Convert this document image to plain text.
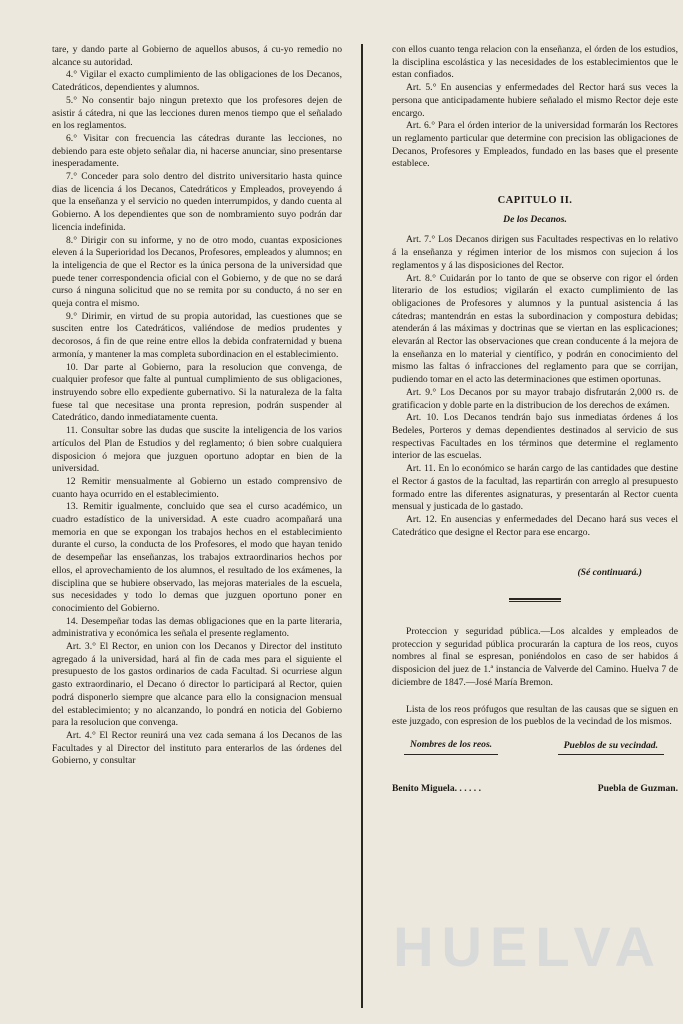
tare, y dando parte al Gobierno de aquellos abusos, á cu-yo remedio no alcance su autoridad.

4.° Vigilar el exacto cumplimiento de las obligaciones de los Decanos, Catedráticos, dependientes y alumnos.

5.° No consentir bajo ningun pretexto que los profesores dejen de asistir á cátedra, ni que las lecciones duren menos tiempo que el señalado en los reglamentos.

6.° Visitar con frecuencia las cátedras durante las lecciones, no debiendo para este objeto señalar dia, ni hacerse anunciar, sino presentarse inesperadamente.

7.° Conceder para solo dentro del distrito universitario hasta quince dias de licencia á los Decanos, Catedráticos y Empleados, proveyendo á que la enseñanza y el servicio no queden interrumpidos, y dando cuenta al Gobierno. A los dependientes que son de nombramiento suyo podrán dar licencia indefinida.

8.° Dirigir con su informe, y no de otro modo, cuantas exposiciones eleven á la Superioridad los Decanos, Profesores, empleados y alumnos; en la inteligencia de que el Rector es la única persona de la universidad que puede tener correspondencia oficial con el Gobierno, y de que no se dará curso á ninguna solicitud que no se remita por su conducto, á no ser en queja contra el mismo.

9.° Dirimir, en virtud de su propia autoridad, las cuestiones que se susciten entre los Catedráticos, valiéndose de medios prudentes y decorosos, á fin de que reine entre ellos la debida confraternidad y buena armonía, y mantener la mas completa subordinacion en el establecimiento.

10. Dar parte al Gobierno, para la resolucion que convenga, de cualquier profesor que falte al puntual cumplimiento de sus obligaciones, instruyendo sobre ello expediente gubernativo. Si la naturaleza de la falta fuese tal que necesitase una pronta represion, podrán suspender al Catedrático, dando inmediatamente cuenta.

11. Consultar sobre las dudas que suscite la inteligencia de los varios artículos del Plan de Estudios y del reglamento; ó bien sobre cualquiera disposicion ó mejora que juzguen oportuno adoptar en bien de la universidad.

12 Remitir mensualmente al Gobierno un estado comprensivo de cuanto haya ocurrido en el establecimiento.

13. Remitir igualmente, concluido que sea el curso académico, un cuadro estadístico de la universidad. A este cuadro acompañará una memoria en que se expongan los trabajos hechos en el establecimiento durante el curso, la conducta de los Profesores, el modo que hayan tenido de desempeñar las enseñanzas, los trabajos extraordinarios hechos por ellos, el aprovechamiento de los alumnos, el resultado de los exámenes, la disciplina que se hubiere observado, las mejoras materiales de la escuela, sus necesidades y todo lo demas que juzguen oportuno poner en conocimiento del Gobierno.

14. Desempeñar todas las demas obligaciones que en la parte literaria, administrativa y económica les señala el presente reglamento.

Art. 3.° El Rector, en union con los Decanos y Director del instituto agregado á la universidad, hará al fin de cada mes para el siguiente el presupuesto de los gastos ordinarios de cada Facultad. Si ocurriese algun gasto extraordinario, el Decano ó director lo participará al Rector, quien podrá disponerlo siempre que alcance para ello la consignacion mensual del establecimiento; y no alcanzando, lo pondrá en noticia del Gobierno para la resolucion que convenga.

Art. 4.° El Rector reunirá una vez cada semana á los Decanos de las Facultades y al Director del instituto para enterarlos de las órdenes del Gobierno, y consultar

con ellos cuanto tenga relacion con la enseñanza, el órden de los estudios, la disciplina escolástica y las necesidades de los establecimientos que le estan confiados.

Art. 5.° En ausencias y enfermedades del Rector hará sus veces la persona que anticipadamente hubiere señalado el mismo Rector deje este encargo.

Art. 6.° Para el órden interior de la universidad formarán los Rectores un reglamento particular que determine con precision las obligaciones de Decanos, Profesores y Empleados, fundado en las bases que el presente establece.

CAPITULO II.

De los Decanos.

Art. 7.° Los Decanos dirigen sus Facultades respectivas en lo relativo á la enseñanza y régimen interior de los mismos con sujecion á los reglamentos y á las disposiciones del Rector.

Art. 8.° Cuidarán por lo tanto de que se observe con rigor el órden literario de los estudios; vigilarán el exacto cumplimiento de las obligaciones de Profesores y alumnos y la puntual asistencia á las cátedras; mantendrán en estas la subordinacion y compostura debidas; atenderán á las máximas y doctrinas que se viertan en las esplicaciones; elevarán al Rector las observaciones que crean conducente á la mejora de la enseñanza en lo material y científico, y podrán en conocimiento del mismo las faltas ó infracciones del reglamento para que se corrijan, pudiendo tomar en el acto las determinaciones que estimen oportunas.

Art. 9.° Los Decanos por su mayor trabajo disfrutarán 2,000 rs. de gratificacion y doble parte en la distribucion de los derechos de exámen.

Art. 10. Los Decanos tendrán bajo sus inmediatas órdenes á los Bedeles, Porteros y demas dependientes destinados al servicio de sus respectivas Facultades en los términos que determine el reglamento interior de las escuelas.

Art. 11. En lo económico se harán cargo de las cantidades que destine el Rector á gastos de la facultad, las repartirán con arreglo al presupuesto formado entre las diferentes asignaturas, y presentarán al Rector cuenta mensual y justicada de lo gastado.

Art. 12. En ausencias y enfermedades del Decano hará sus veces el Catedrático que designe el Rector para ese encargo.

(Sé continuará.)

Proteccion y seguridad pública.—Los alcaldes y empleados de proteccion y seguridad pública procurarán la captura de los reos, cuyos nombres al final se espresan, poniéndolos en caso de ser habidos á disposicion del juez de 1.ª instancia de Valverde del Camino. Huelva 7 de diciembre de 1847.—José María Bremon.

Lista de los reos prófugos que resultan de las causas que se siguen en este juzgado, con espresion de los pueblos de la vecindad de los mismos.

Nombres de los reos.	Pueblos de su vecindad.
Benito Miguela. . . . . .	Puebla de Guzman.
HUELVA
